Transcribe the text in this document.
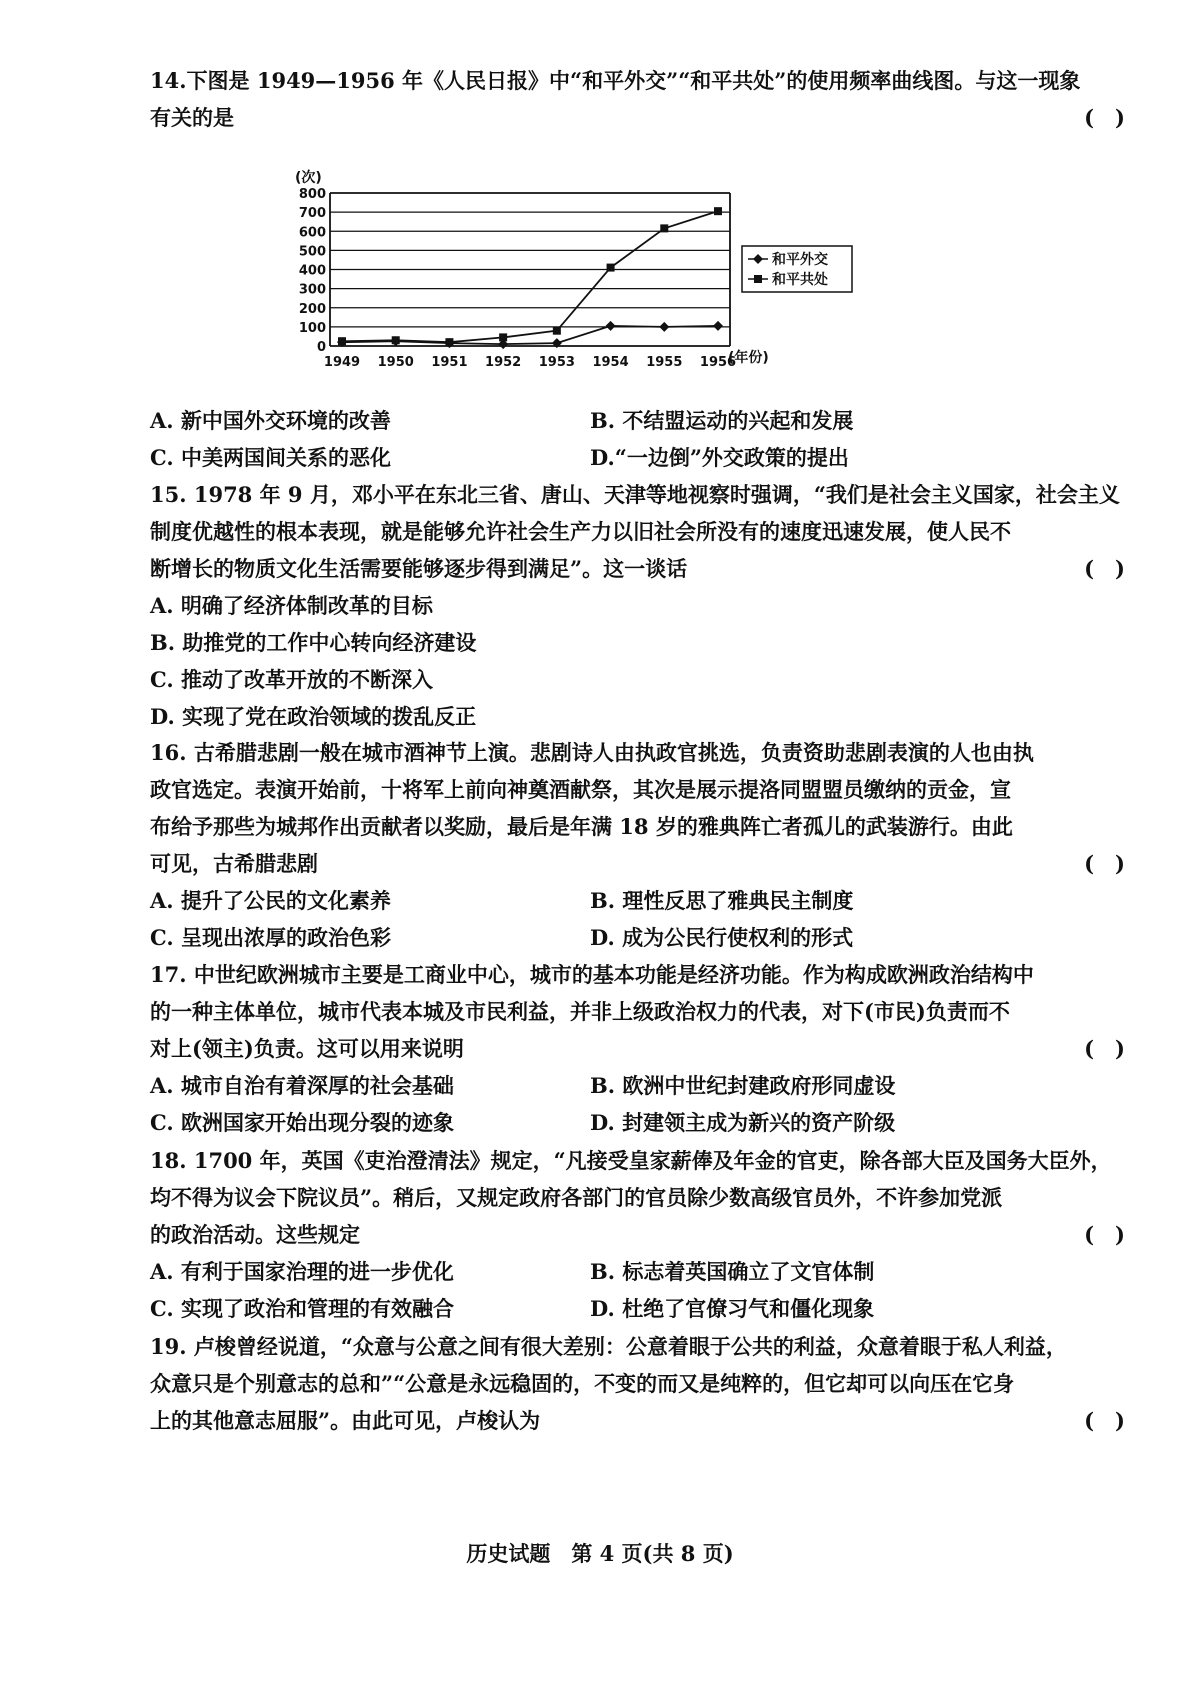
14.下图是 1949—1956 年《人民日报》中“和平外交”“和平共处”的使用频率曲线图。与这一现象

有关的是	(　)

(次)
0
100
200
300
400
500
600
700
800
1949 1950 1951 1952 1953 1954 1955 1956
(年份)
和平外交
和平共处
A. 新中国外交环境的改善	B. 不结盟运动的兴起和发展
C. 中美两国间关系的恶化	D.“一边倒”外交政策的提出

15. 1978 年 9 月，邓小平在东北三省、唐山、天津等地视察时强调，“我们是社会主义国家，社会主义

制度优越性的根本表现，就是能够允许社会生产力以旧社会所没有的速度迅速发展，使人民不

断增长的物质文化生活需要能够逐步得到满足”。这一谈话	(　)

A. 明确了经济体制改革的目标

B. 助推党的工作中心转向经济建设

C. 推动了改革开放的不断深入

D. 实现了党在政治领域的拨乱反正

16. 古希腊悲剧一般在城市酒神节上演。悲剧诗人由执政官挑选，负责资助悲剧表演的人也由执

政官选定。表演开始前，十将军上前向神奠酒献祭，其次是展示提洛同盟盟员缴纳的贡金，宣

布给予那些为城邦作出贡献者以奖励，最后是年满 18 岁的雅典阵亡者孤儿的武装游行。由此

可见，古希腊悲剧	(　)

A. 提升了公民的文化素养	B. 理性反思了雅典民主制度
C. 呈现出浓厚的政治色彩	D. 成为公民行使权利的形式

17. 中世纪欧洲城市主要是工商业中心，城市的基本功能是经济功能。作为构成欧洲政治结构中

的一种主体单位，城市代表本城及市民利益，并非上级政治权力的代表，对下(市民)负责而不

对上(领主)负责。这可以用来说明	(　)

A. 城市自治有着深厚的社会基础	B. 欧洲中世纪封建政府形同虚设
C. 欧洲国家开始出现分裂的迹象	D. 封建领主成为新兴的资产阶级

18. 1700 年，英国《吏治澄清法》规定，“凡接受皇家薪俸及年金的官吏，除各部大臣及国务大臣外，

均不得为议会下院议员”。稍后，又规定政府各部门的官员除少数高级官员外，不许参加党派

的政治活动。这些规定	(　)

A. 有利于国家治理的进一步优化	B. 标志着英国确立了文官体制
C. 实现了政治和管理的有效融合	D. 杜绝了官僚习气和僵化现象

19. 卢梭曾经说道，“众意与公意之间有很大差别：公意着眼于公共的利益，众意着眼于私人利益，

众意只是个别意志的总和”“公意是永远稳固的，不变的而又是纯粹的，但它却可以向压在它身

上的其他意志屈服”。由此可见，卢梭认为	(　)

历史试题　第 4 页(共 8 页)
